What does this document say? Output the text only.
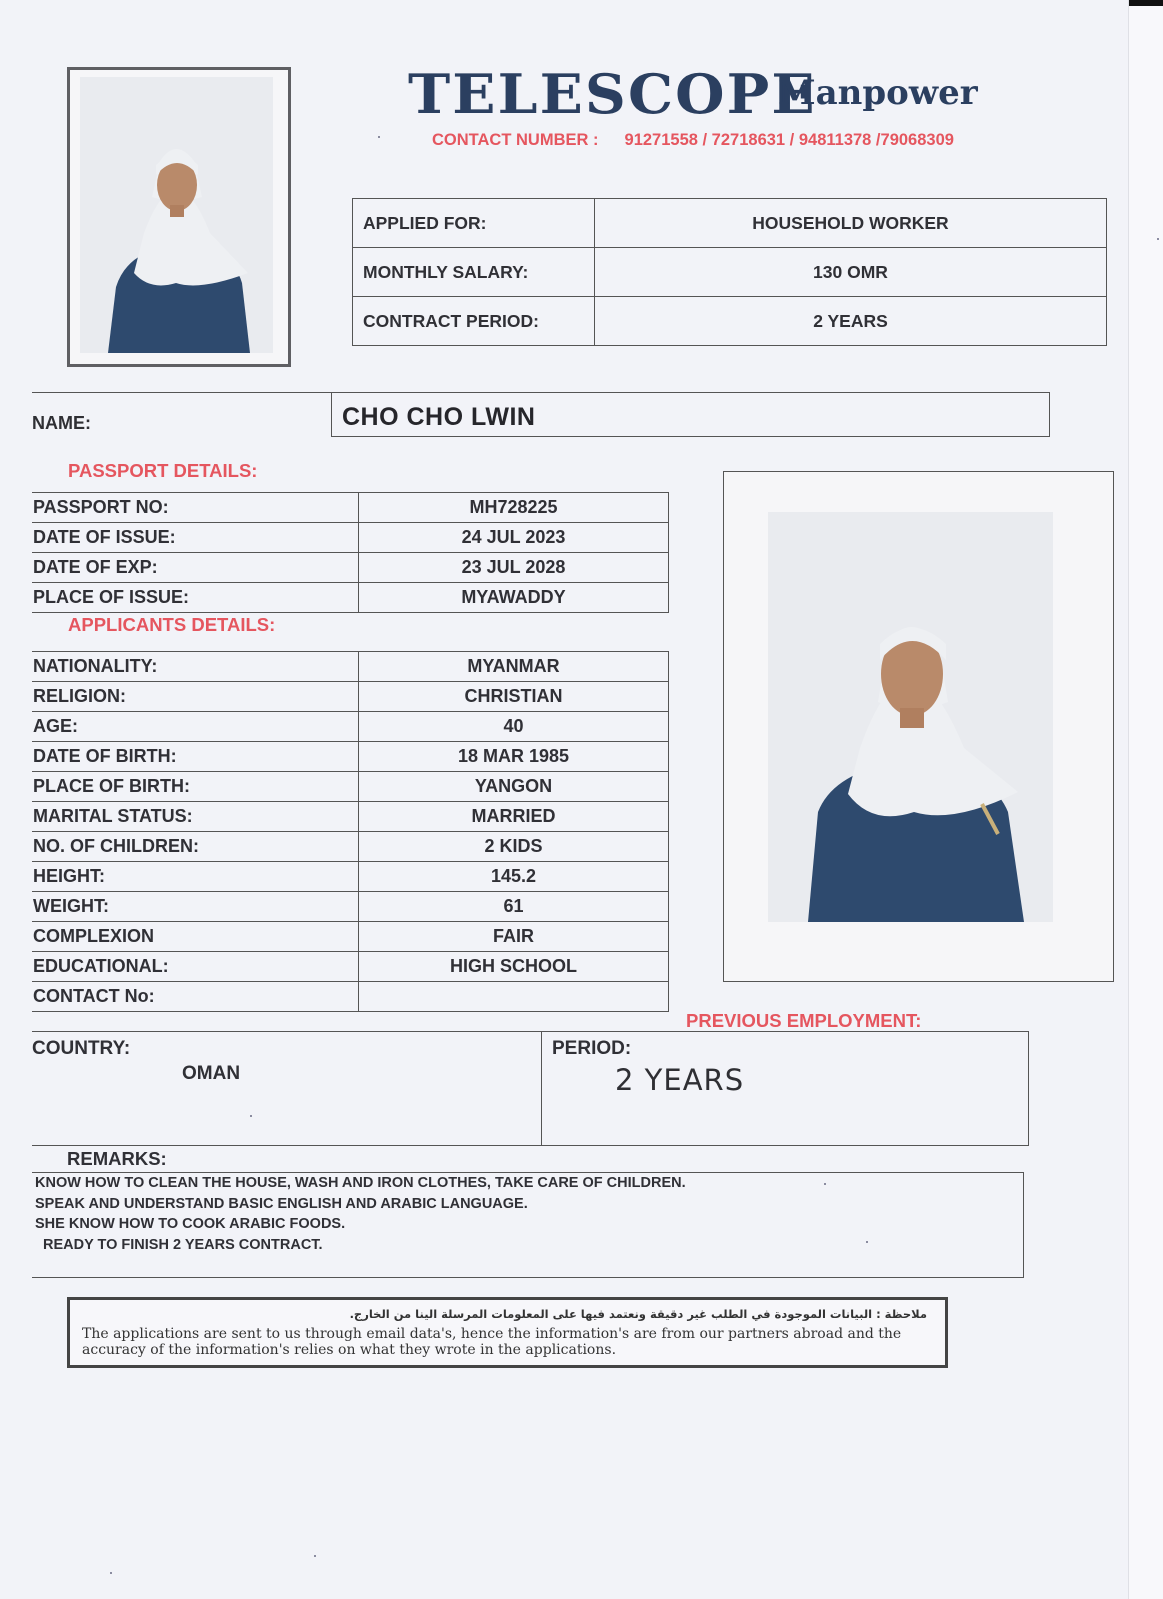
TELESCOPE
Manpower
CONTACT NUMBER : 91271558 / 72718631 / 94811378 /79068309
APPLIED FOR:	HOUSEHOLD WORKER
MONTHLY SALARY:	130 OMR
CONTRACT PERIOD:	2 YEARS
NAME:	CHO CHO LWIN
PASSPORT DETAILS:
PASSPORT NO:	MH728225
DATE OF ISSUE:	24 JUL 2023
DATE OF EXP:	23 JUL 2028
PLACE OF ISSUE:	MYAWADDY
APPLICANTS DETAILS:
NATIONALITY:	MYANMAR
RELIGION:	CHRISTIAN
AGE:	40
DATE OF BIRTH:	18 MAR 1985
PLACE OF BIRTH:	YANGON
MARITAL STATUS:	MARRIED
NO. OF CHILDREN:	2 KIDS
HEIGHT:	145.2
WEIGHT:	61
COMPLEXION	FAIR
EDUCATIONAL:	HIGH SCHOOL
CONTACT No:	
PREVIOUS EMPLOYMENT:
COUNTRY:
OMAN
PERIOD:
2 YEARS
REMARKS:
KNOW HOW TO CLEAN THE HOUSE, WASH AND IRON CLOTHES, TAKE CARE OF CHILDREN.
SPEAK AND UNDERSTAND BASIC ENGLISH AND ARABIC LANGUAGE.
SHE KNOW HOW TO COOK ARABIC FOODS.
READY TO FINISH 2 YEARS CONTRACT.
ملاحظة : البيانات الموجودة في الطلب غير دقيقة ونعتمد فيها على المعلومات المرسلة الينا من الخارج.
The applications are sent to us through email data's, hence the information's are from our partners abroad and the accuracy of the information's relies on what they wrote in the applications.
